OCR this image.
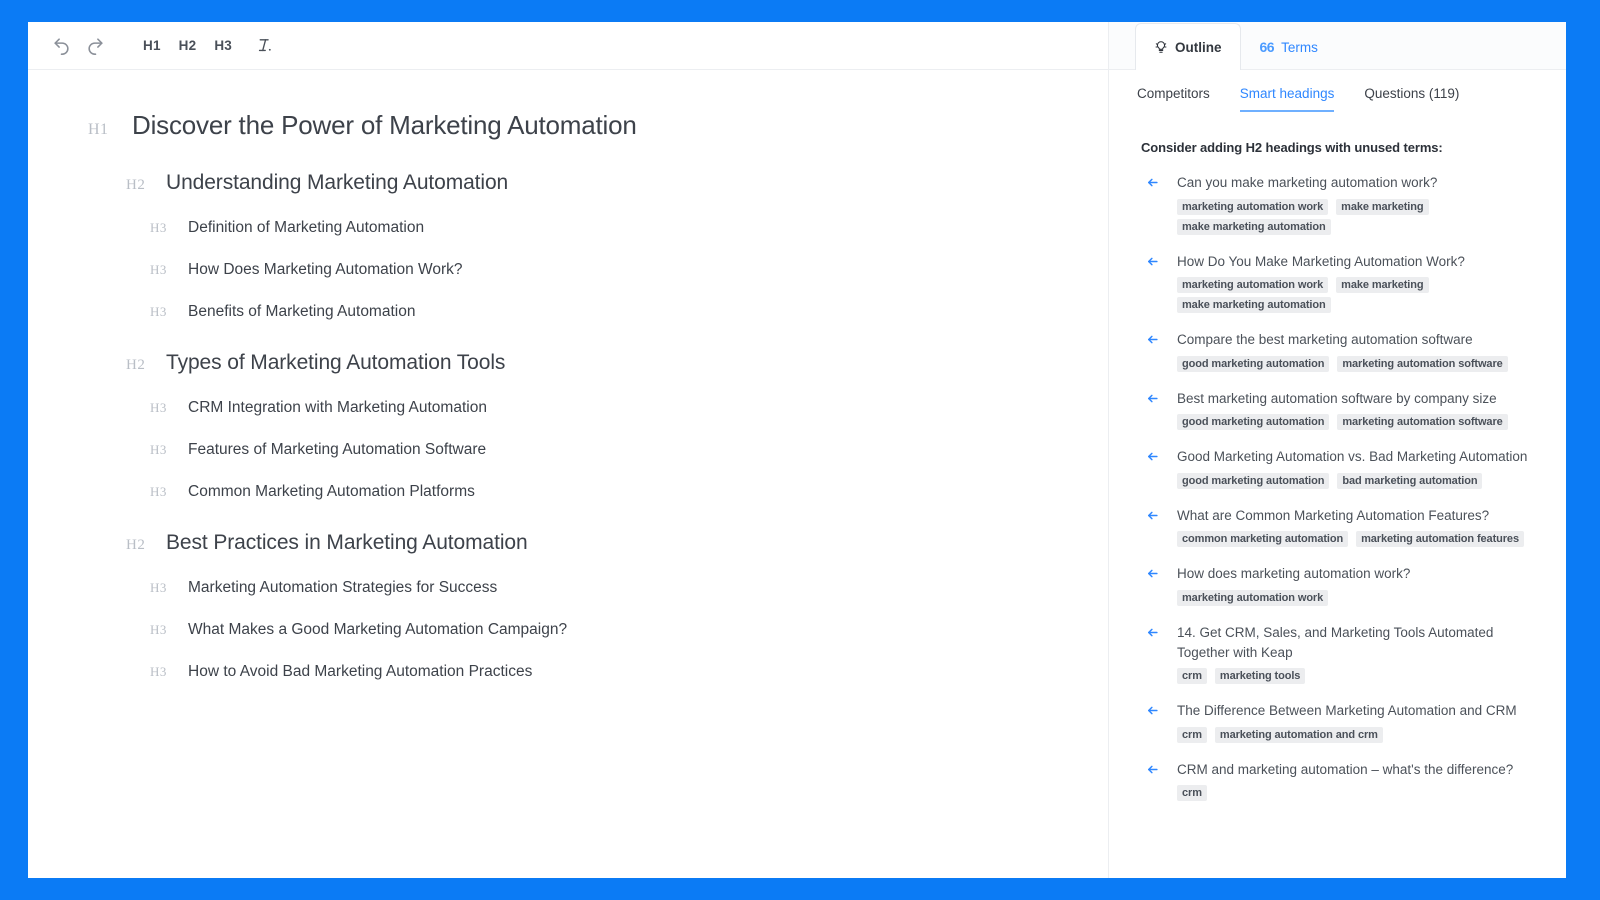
H1	H2	H3
H1 Discover the Power of Marketing Automation
H2 Understanding Marketing Automation
H3	Definition of Marketing Automation
H3	How Does Marketing Automation Work?
H3	Benefits of Marketing Automation
H2 Types of Marketing Automation Tools
H3	CRM Integration with Marketing Automation
H3	Features of Marketing Automation Software
H3	Common Marketing Automation Platforms
H2 Best Practices in Marketing Automation
H3	Marketing Automation Strategies for Success
H3	What Makes a Good Marketing Automation Campaign?
H3	How to Avoid Bad Marketing Automation Practices
Outline	66 Terms
Competitors Smart headings Questions (119)
Consider adding H2 headings with unused terms:
Can you make marketing automation work?
marketing automation work	make marketing
make marketing automation
How Do You Make Marketing Automation Work?
marketing automation work	make marketing
make marketing automation
Compare the best marketing automation software
good marketing automation	marketing automation software
Best marketing automation software by company size
good marketing automation	marketing automation software
Good Marketing Automation vs. Bad Marketing Automation
good marketing automation	bad marketing automation
What are Common Marketing Automation Features?
common marketing automation	marketing automation features
How does marketing automation work?
marketing automation work
14. Get CRM, Sales, and Marketing Tools Automated Together with Keap
crm	marketing tools
The Difference Between Marketing Automation and CRM
crm	marketing automation and crm
CRM and marketing automation – what's the difference?
crm
